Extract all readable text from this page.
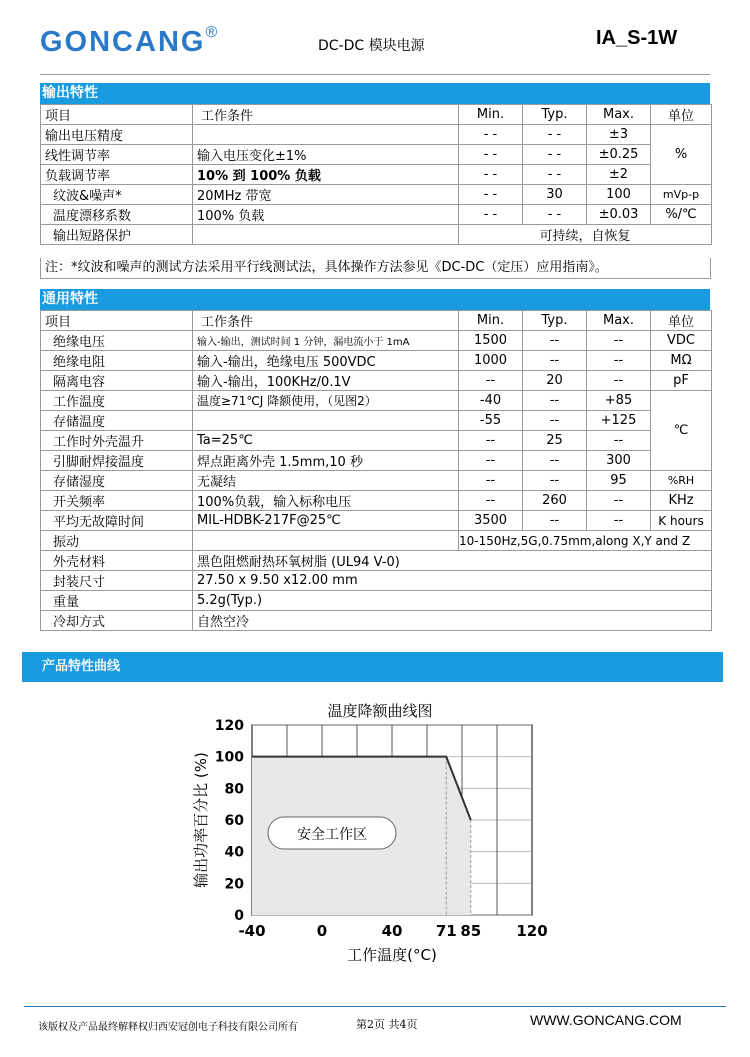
GONCANG®
DC-DC 模块电源	IA_S-1W
输出特性
项目	工作条件	Min.	Typ.	Max.	单位
输出电压精度		- -	- -	±3	%
线性调节率	输入电压变化±1%	- -	- -	±0.25	
负载调节率	10% 到 100% 负载	- -	- -	±2	
纹波&噪声*	20MHz 带宽	- -	30	100	mVp-p
温度漂移系数	100% 负载	- -	- -	±0.03	%/℃
输出短路保护		可持续，自恢复			
注：*纹波和噪声的测试方法采用平行线测试法，具体操作方法参见《DC-DC（定压）应用指南》。
通用特性
项目	工作条件	Min.	Typ.	Max.	单位
绝缘电压	输入-输出，测试时间 1 分钟，漏电流小于 1mA	1500	--	--	VDC
绝缘电阻	输入-输出，绝缘电压 500VDC	1000	--	--	MΩ
隔离电容	输入-输出，100KHz/0.1V	--	20	--	pF
工作温度	温度≥71℃J 降额使用，（见图2）	-40	--	+85	℃
存储温度		-55	--	+125	
工作时外壳温升	Ta=25℃	--	25	--	
引脚耐焊接温度	焊点距离外壳 1.5mm,10 秒	--	--	300	
存储湿度	无凝结	--	--	95	%RH
开关频率	100%负载，输入标称电压	--	260	--	KHz
平均无故障时间	MIL-HDBK-217F@25℃	3500	--	--	K hours
振动		10-150Hz,5G,0.75mm,along X,Y and Z			
外壳材料	黑色阻燃耐热环氧树脂 (UL94 V-0)				
封装尺寸	27.50 x 9.50 x12.00 mm				
重量	5.2g(Typ.)				
冷却方式	自然空冷				
产品特性曲线
温度降额曲线图
0
20
40
60
80
100
120
-40	0	40 71 85 120
安全工作区
工作温度(°C)
输出功率百分比 (%)
该版权及产品最终解释权归西安冠创电子科技有限公司所有	第2页 共4页	WWW.GONCANG.COM
